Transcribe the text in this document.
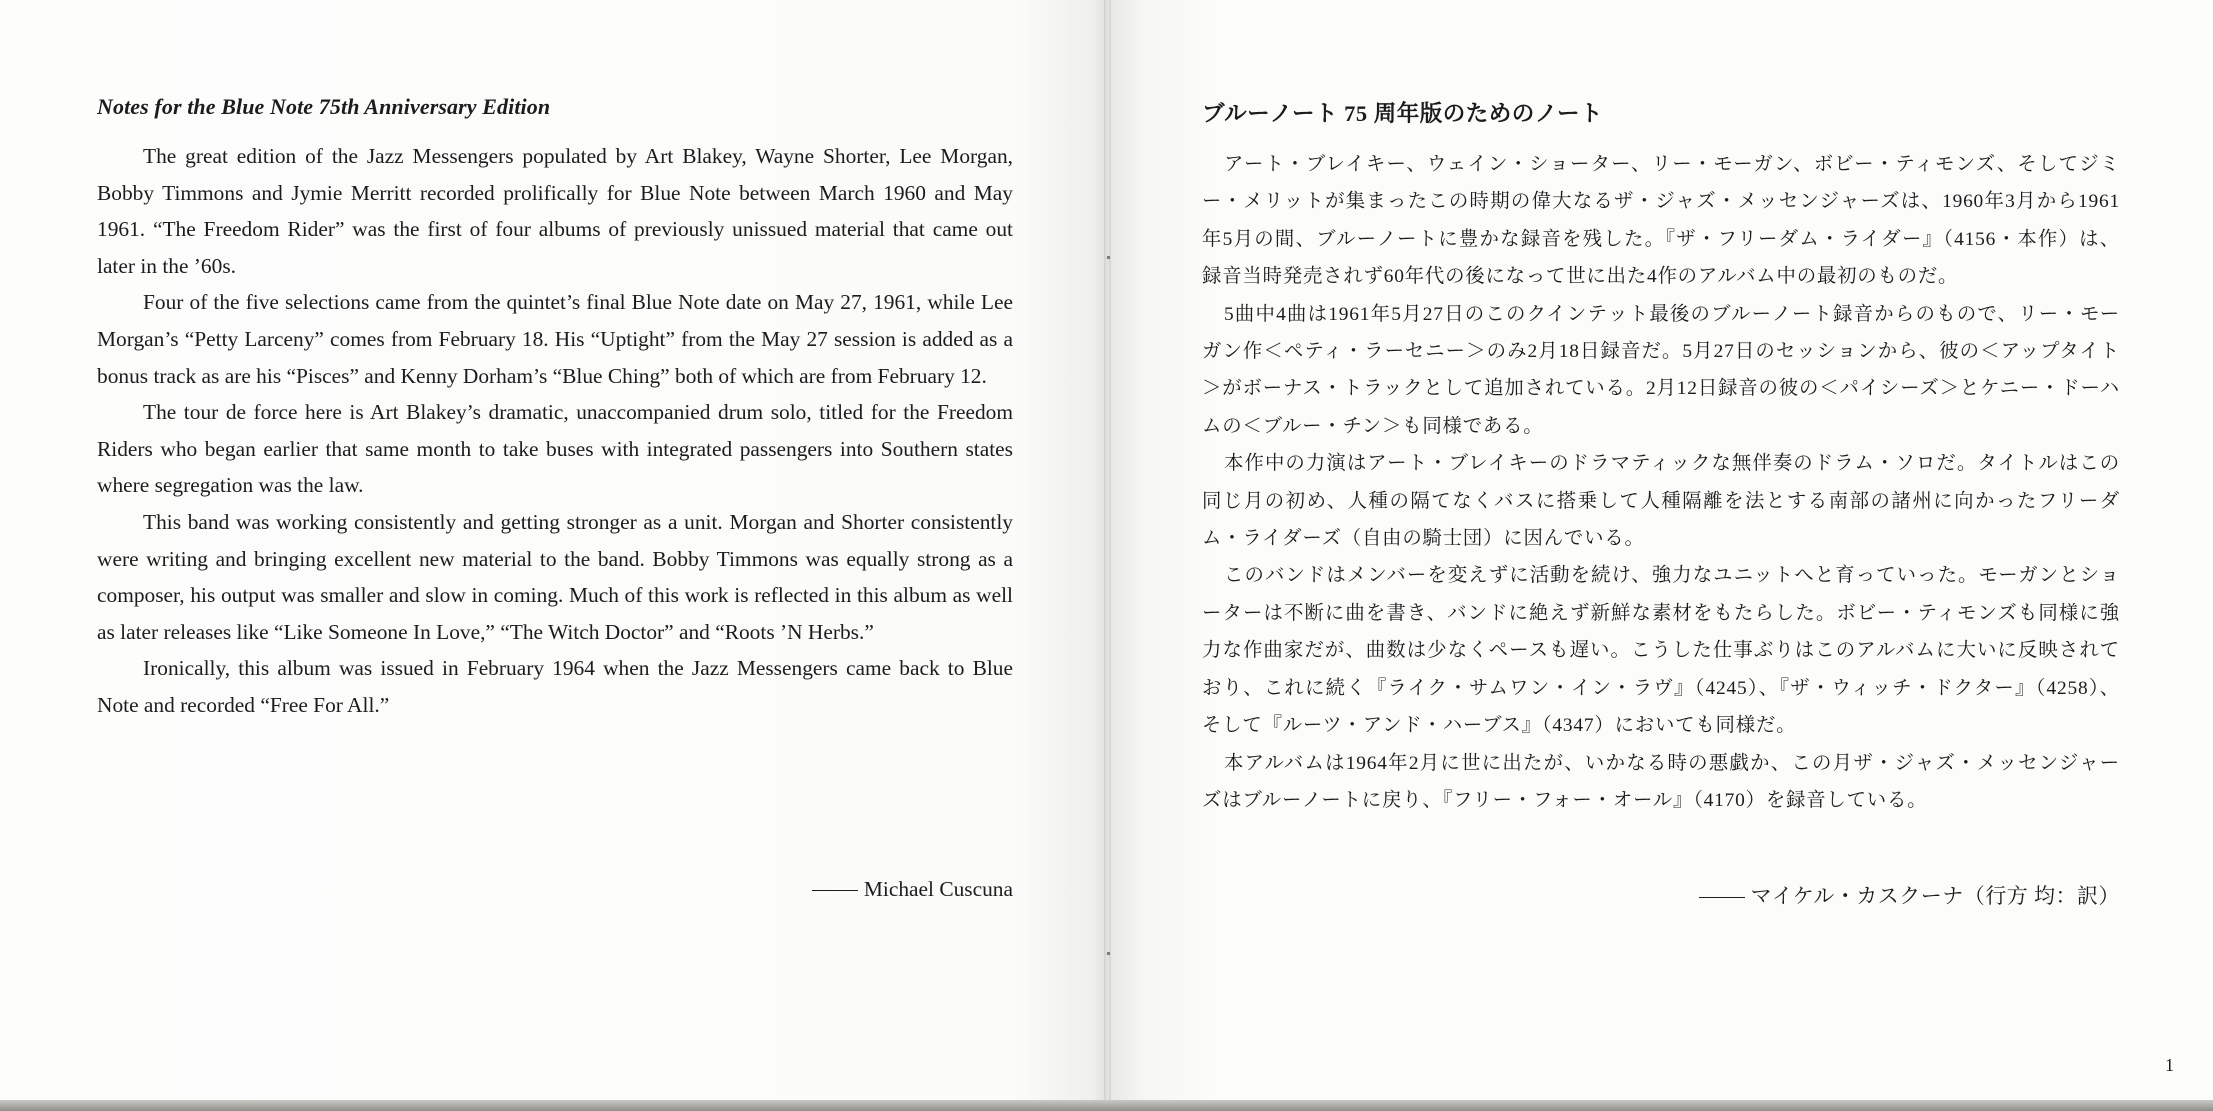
Notes for the Blue Note 75th Anniversary Edition

The great edition of the Jazz Messengers populated by Art Blakey, Wayne Shorter, Lee Morgan, Bobby Timmons and Jymie Merritt recorded prolifically for Blue Note between March 1960 and May 1961. “The Freedom Rider” was the first of four albums of previously unissued material that came out later in the ’60s.

Four of the five selections came from the quintet’s final Blue Note date on May 27, 1961, while Lee Morgan’s “Petty Larceny” comes from February 18. His “Uptight” from the May 27 session is added as a bonus track as are his “Pisces” and Kenny Dorham’s “Blue Ching” both of which are from February 12.

The tour de force here is Art Blakey’s dramatic, unaccompanied drum solo, titled for the Freedom Riders who began earlier that same month to take buses with integrated passengers into Southern states where segregation was the law.

This band was working consistently and getting stronger as a unit. Morgan and Shorter consistently were writing and bringing excellent new material to the band. Bobby Timmons was equally strong as a composer, his output was smaller and slow in coming. Much of this work is reflected in this album as well as later releases like “Like Someone In Love,” “The Witch Doctor” and “Roots ’N Herbs.”

Ironically, this album was issued in February 1964 when the Jazz Messengers came back to Blue Note and recorded “Free For All.”

Michael Cuscuna
ブルーノート 75 周年版のためのノート

アート・ブレイキー、ウェイン・ショーター、リー・モーガン、ボビー・ティモンズ、そしてジミー・メリットが集まったこの時期の偉大なるザ・ジャズ・メッセンジャーズは、1960年3月から1961年5月の間、ブルーノートに豊かな録音を残した。『ザ・フリーダム・ライダー』（4156・本作）は、録音当時発売されず60年代の後になって世に出た4作のアルバム中の最初のものだ。

5曲中4曲は1961年5月27日のこのクインテット最後のブルーノート録音からのもので、リー・モーガン作＜ペティ・ラーセニー＞のみ2月18日録音だ。5月27日のセッションから、彼の＜アップタイト＞がボーナス・トラックとして追加されている。2月12日録音の彼の＜パイシーズ＞とケニー・ドーハムの＜ブルー・チン＞も同様である。

本作中の力演はアート・ブレイキーのドラマティックな無伴奏のドラム・ソロだ。タイトルはこの同じ月の初め、人種の隔てなくバスに搭乗して人種隔離を法とする南部の諸州に向かったフリーダム・ライダーズ（自由の騎士団）に因んでいる。

このバンドはメンバーを変えずに活動を続け、強力なユニットへと育っていった。モーガンとショーターは不断に曲を書き、バンドに絶えず新鮮な素材をもたらした。ボビー・ティモンズも同様に強力な作曲家だが、曲数は少なくペースも遅い。こうした仕事ぶりはこのアルバムに大いに反映されており、これに続く『ライク・サムワン・イン・ラヴ』（4245）、『ザ・ウィッチ・ドクター』（4258）、そして『ルーツ・アンド・ハーブス』（4347）においても同様だ。

本アルバムは1964年2月に世に出たが、いかなる時の悪戯か、この月ザ・ジャズ・メッセンジャーズはブルーノートに戻り、『フリー・フォー・オール』（4170）を録音している。

マイケル・カスクーナ（行方 均：訳）
1
